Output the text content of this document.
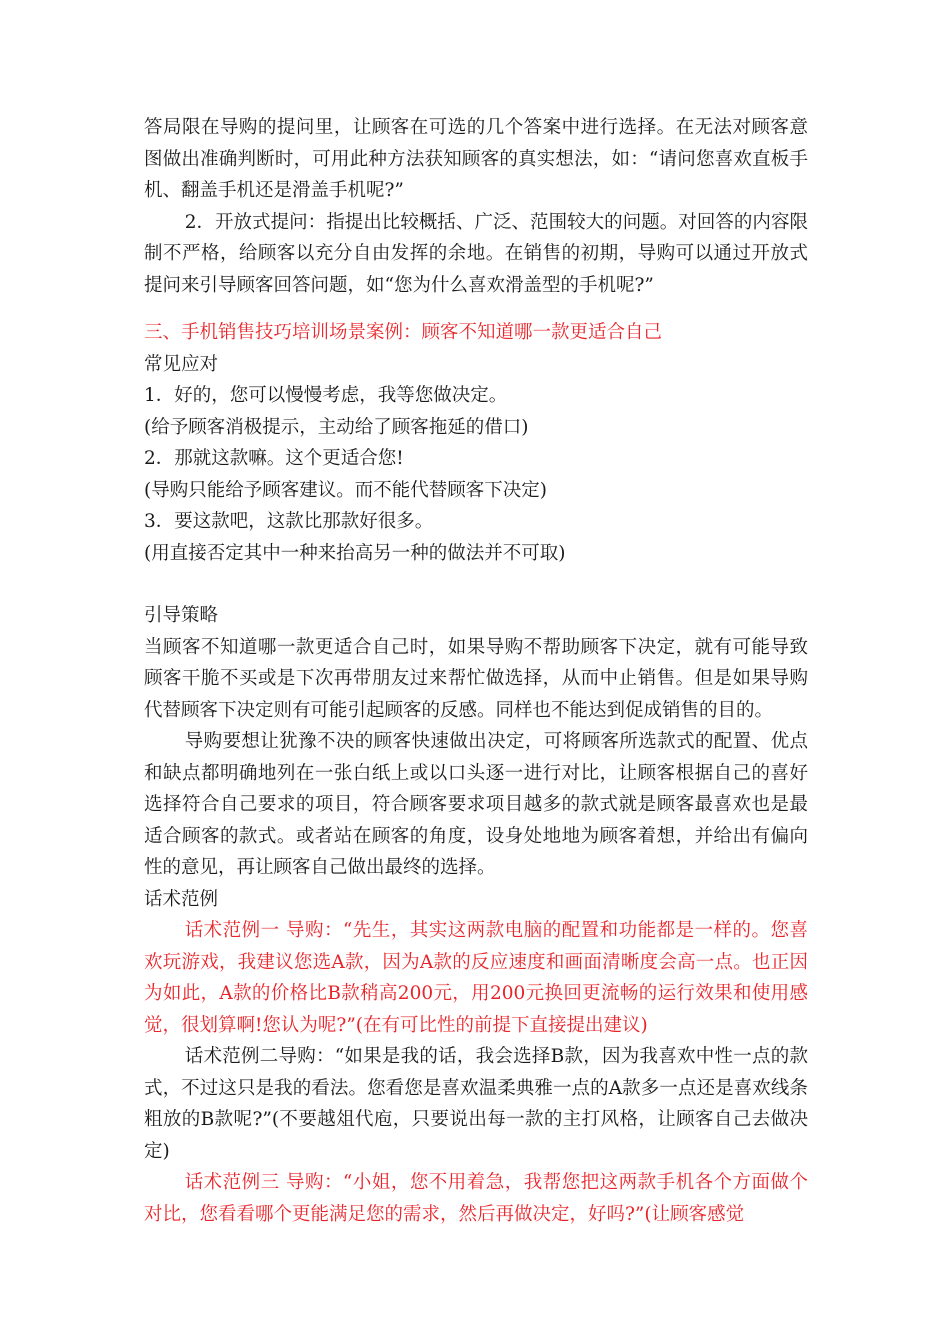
答局限在导购的提问里，让顾客在可选的几个答案中进行选择。在无法对顾客意图做出准确判断时，可用此种方法获知顾客的真实想法，如：“请问您喜欢直板手机、翻盖手机还是滑盖手机呢?”

2．开放式提问：指提出比较概括、广泛、范围较大的问题。对回答的内容限制不严格，给顾客以充分自由发挥的余地。在销售的初期，导购可以通过开放式提问来引导顾客回答问题，如“您为什么喜欢滑盖型的手机呢?”

三、手机销售技巧培训场景案例：顾客不知道哪一款更适合自己

常见应对

1．好的，您可以慢慢考虑，我等您做决定。

(给予顾客消极提示，主动给了顾客拖延的借口)

2．那就这款嘛。这个更适合您!

(导购只能给予顾客建议。而不能代替顾客下决定)

3．要这款吧，这款比那款好很多。

(用直接否定其中一种来抬高另一种的做法并不可取)

引导策略

当顾客不知道哪一款更适合自己时，如果导购不帮助顾客下决定，就有可能导致顾客干脆不买或是下次再带朋友过来帮忙做选择，从而中止销售。但是如果导购代替顾客下决定则有可能引起顾客的反感。同样也不能达到促成销售的目的。

导购要想让犹豫不决的顾客快速做出决定，可将顾客所选款式的配置、优点和缺点都明确地列在一张白纸上或以口头逐一进行对比，让顾客根据自己的喜好选择符合自己要求的项目，符合顾客要求项目越多的款式就是顾客最喜欢也是最适合顾客的款式。或者站在顾客的角度，设身处地地为顾客着想，并给出有偏向性的意见，再让顾客自己做出最终的选择。

话术范例

话术范例一 导购：“先生，其实这两款电脑的配置和功能都是一样的。您喜欢玩游戏，我建议您选A款，因为A款的反应速度和画面清晰度会高一点。也正因为如此，A款的价格比B款稍高200元，用200元换回更流畅的运行效果和使用感觉，很划算啊!您认为呢?”(在有可比性的前提下直接提出建议)

话术范例二导购：“如果是我的话，我会选择B款，因为我喜欢中性一点的款式，不过这只是我的看法。您看您是喜欢温柔典雅一点的A款多一点还是喜欢线条粗放的B款呢?”(不要越俎代庖，只要说出每一款的主打风格，让顾客自己去做决定)

话术范例三 导购：“小姐，您不用着急，我帮您把这两款手机各个方面做个对比，您看看哪个更能满足您的需求，然后再做决定，好吗?”(让顾客感觉
